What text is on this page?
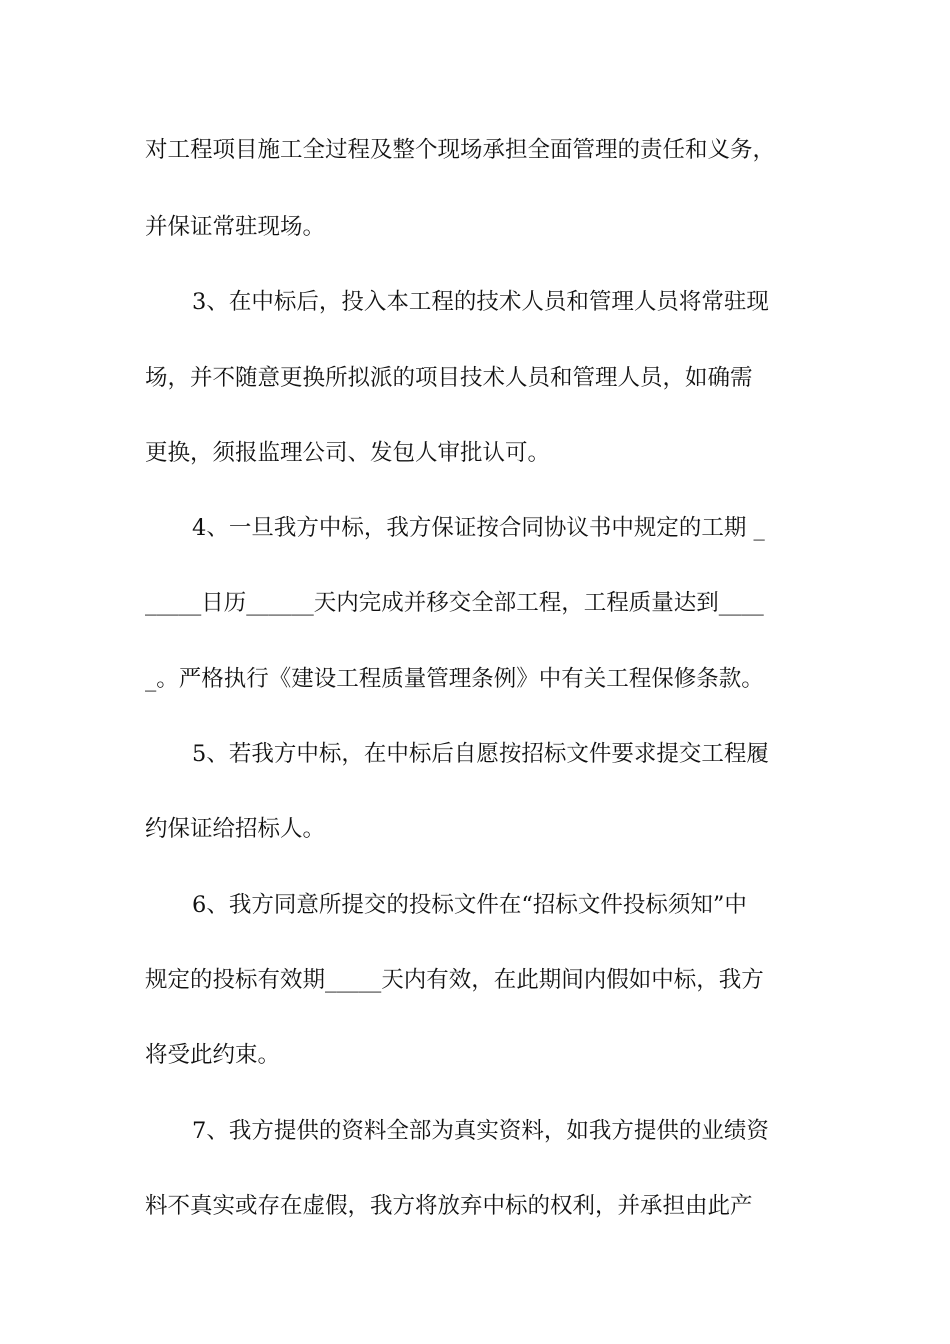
对工程项目施工全过程及整个现场承担全面管理的责任和义务，
并保证常驻现场。
3、在中标后，投入本工程的技术人员和管理人员将常驻现
场，并不随意更换所拟派的项目技术人员和管理人员，如确需
更换，须报监理公司、发包人审批认可。
4、一旦我方中标，我方保证按合同协议书中规定的工期 _
_____日历______天内完成并移交全部工程，工程质量达到____
_。严格执行《建设工程质量管理条例》中有关工程保修条款。
5、若我方中标，在中标后自愿按招标文件要求提交工程履
约保证给招标人。
6、我方同意所提交的投标文件在“招标文件投标须知”中
规定的投标有效期_____天内有效，在此期间内假如中标，我方
将受此约束。
7、我方提供的资料全部为真实资料，如我方提供的业绩资
料不真实或存在虚假，我方将放弃中标的权利，并承担由此产
